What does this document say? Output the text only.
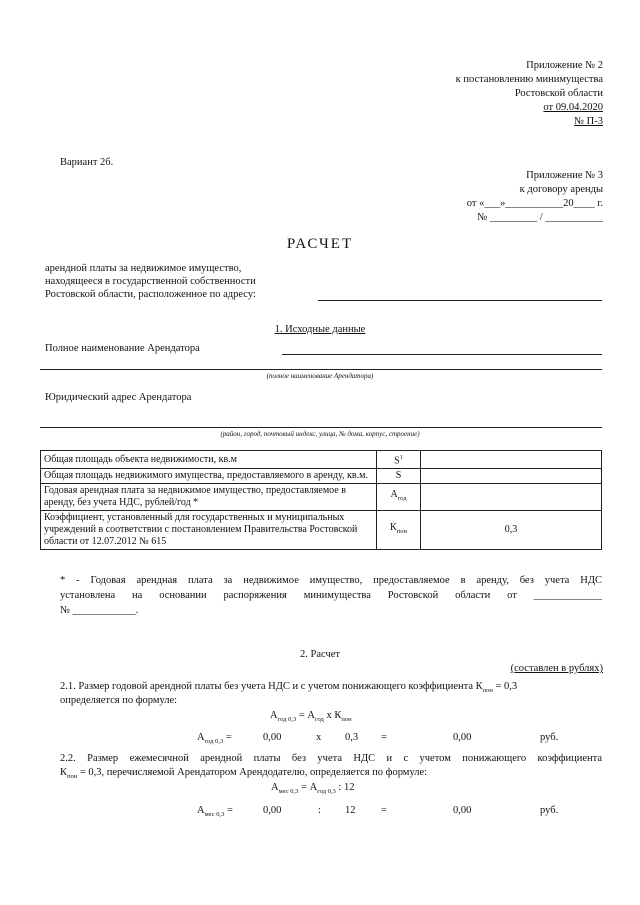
Приложение № 2
к постановлению минимущества
Ростовской области
от 09.04.2020
№ П-3
Вариант 2б.
Приложение № 3
к договору аренды
от «___»___________20____ г.
№ _________ / ___________
РАСЧЕТ
арендной платы за недвижимое имущество,
находящееся в государственной собственности
Ростовской области, расположенное по адресу:
1. Исходные данные
Полное наименование Арендатора
(полное наименование Арендатора)
Юридический адрес Арендатора
(район, город, почтовый индекс, улица, № дома, корпус, строение)
Общая площадь объекта недвижимости, кв.м	$S^1$	
Общая площадь недвижимого имущества, предоставляемого в аренду, кв.м.	S	
Годовая арендная плата за недвижимое имущество, предоставляемое в аренду, без учета НДС, рублей/год *	$А_{год}$	
Коэффициент, установленный для государственных и муниципальных учреждений в соответствии с постановлением Правительства Ростовской области от 12.07.2012 № 615	$К_{пон}$	0,3
* - Годовая арендная плата за недвижимое имущество, предоставляемое в аренду, без учета НДС
установлена на основании распоряжения минимущества Ростовской области от _____________
№ ____________.
2. Расчет
(составлен в рублях)
2.1. Размер годовой арендной платы без учета НДС и с учетом понижающего коэффициента $К_{пон} = 0,3$
определяется по формуле:
$А_{год 0,3} = А_{год}$ х $К_{пон}$
$А_{год 0,3}$ =	0,00	х 0,3 =	0,00	руб.
2.2. Размер ежемесячной арендной платы без учета НДС и с учетом понижающего коэффициента
$К_{пон} = 0,3$, перечисляемой Арендатором Арендодателю, определяется по формуле:
$А_{мес 0,3} = А_{год 0,3}$ : 12
$А_{мес 0,3}$ =	0,00	: 12 =	0,00	руб.
